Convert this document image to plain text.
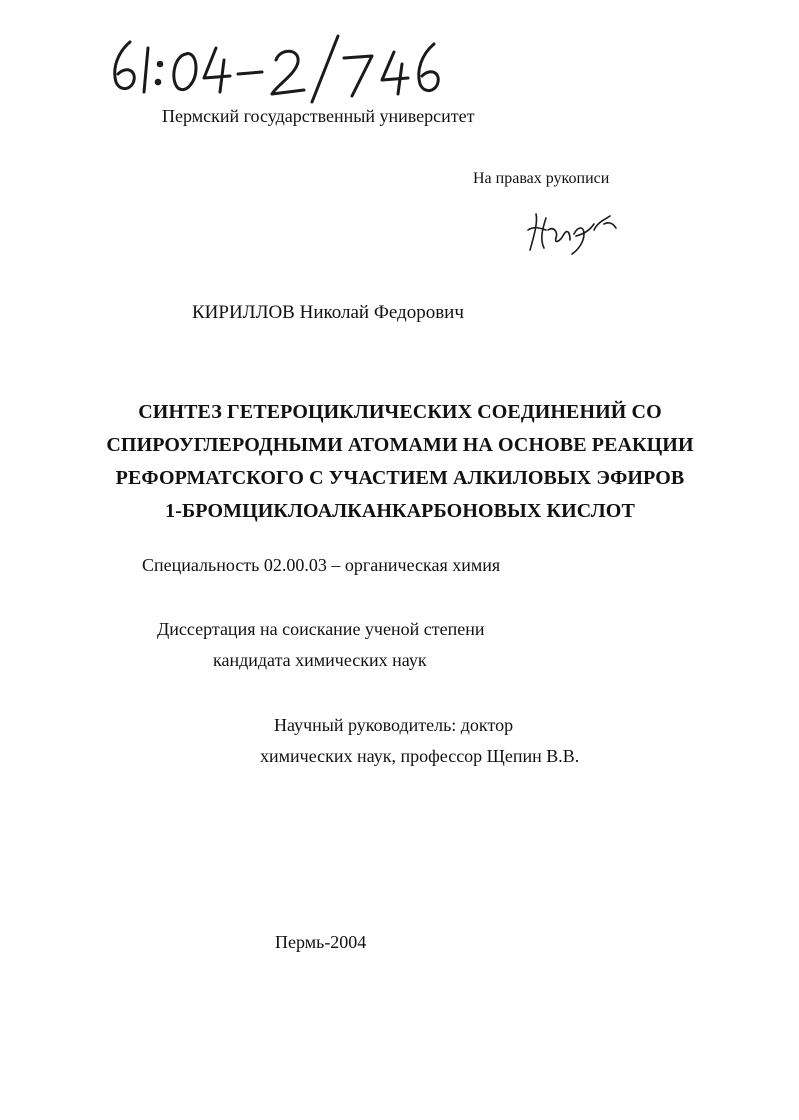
Пермский государственный университет
На правах рукописи
КИРИЛЛОВ Николай Федорович
СИНТЕЗ ГЕТЕРОЦИКЛИЧЕСКИХ СОЕДИНЕНИЙ СО
СПИРОУГЛЕРОДНЫМИ АТОМАМИ НА ОСНОВЕ РЕАКЦИИ
РЕФОРМАТСКОГО С УЧАСТИЕМ АЛКИЛОВЫХ ЭФИРОВ
1-БРОМЦИКЛОАЛКАНКАРБОНОВЫХ КИСЛОТ
Специальность 02.00.03 – органическая химия
Диссертация на соискание ученой степени
кандидата химических наук
Научный руководитель: доктор
химических наук, профессор Щепин В.В.
Пермь-2004
